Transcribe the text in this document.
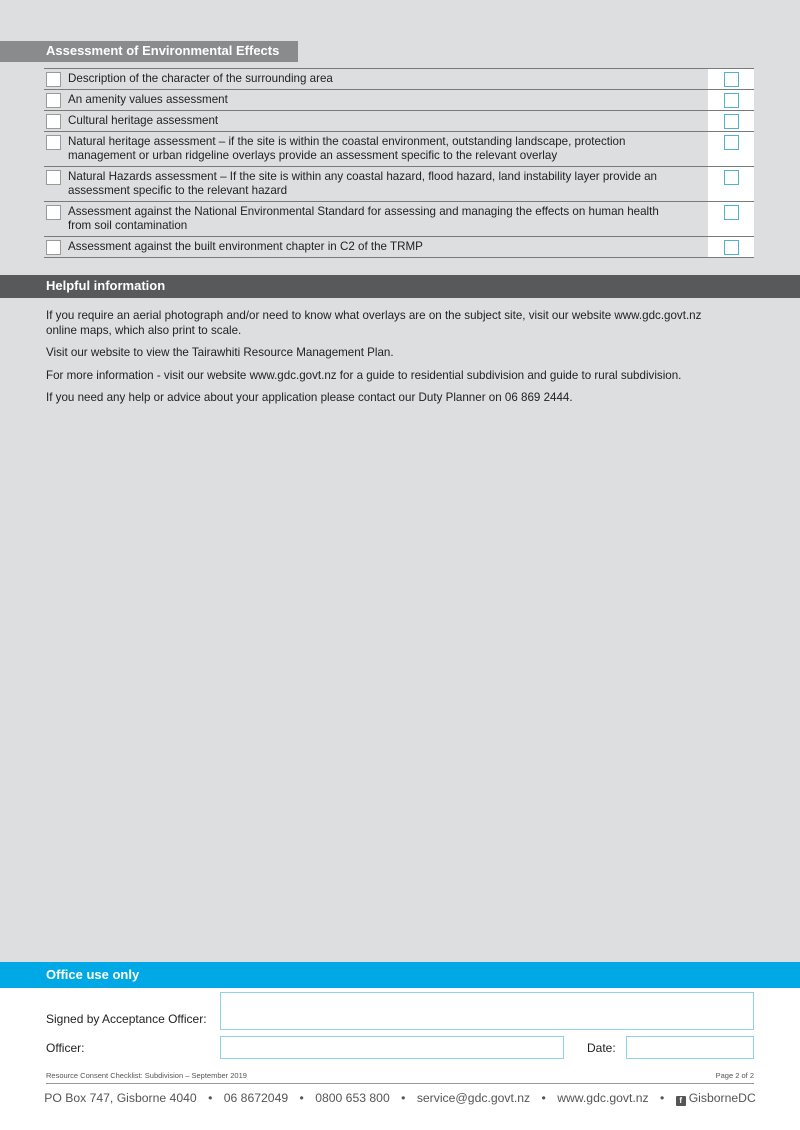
Assessment of Environmental Effects
Description of the character of the surrounding area
An amenity values assessment
Cultural heritage assessment
Natural heritage assessment – if the site is within the coastal environment, outstanding landscape, protection
management or urban ridgeline overlays provide an assessment specific to the relevant overlay
Natural Hazards assessment – If the site is within any coastal hazard, flood hazard, land instability layer provide an
assessment specific to the relevant hazard
Assessment against the National Environmental Standard for assessing and managing the effects on human health
from soil contamination
Assessment against the built environment chapter in C2 of the TRMP
Helpful information

If you require an aerial photograph and/or need to know what overlays are on the subject site, visit our website www.gdc.govt.nz
online maps, which also print to scale.

Visit our website to view the Tairawhiti Resource Management Plan.

For more information - visit our website www.gdc.govt.nz for a guide to residential subdivision and guide to rural subdivision.

If you need any help or advice about your application please contact our Duty Planner on 06 869 2444.

Office use only
Signed by Acceptance Officer:
Officer:	Date:
Resource Consent Checklist: Subdivision – September 2019	Page 2 of 2
PO Box 747, Gisborne 4040 • 06 8672049 • 0800 653 800 • service@gdc.govt.nz • www.gdc.govt.nz • f GisborneDC
